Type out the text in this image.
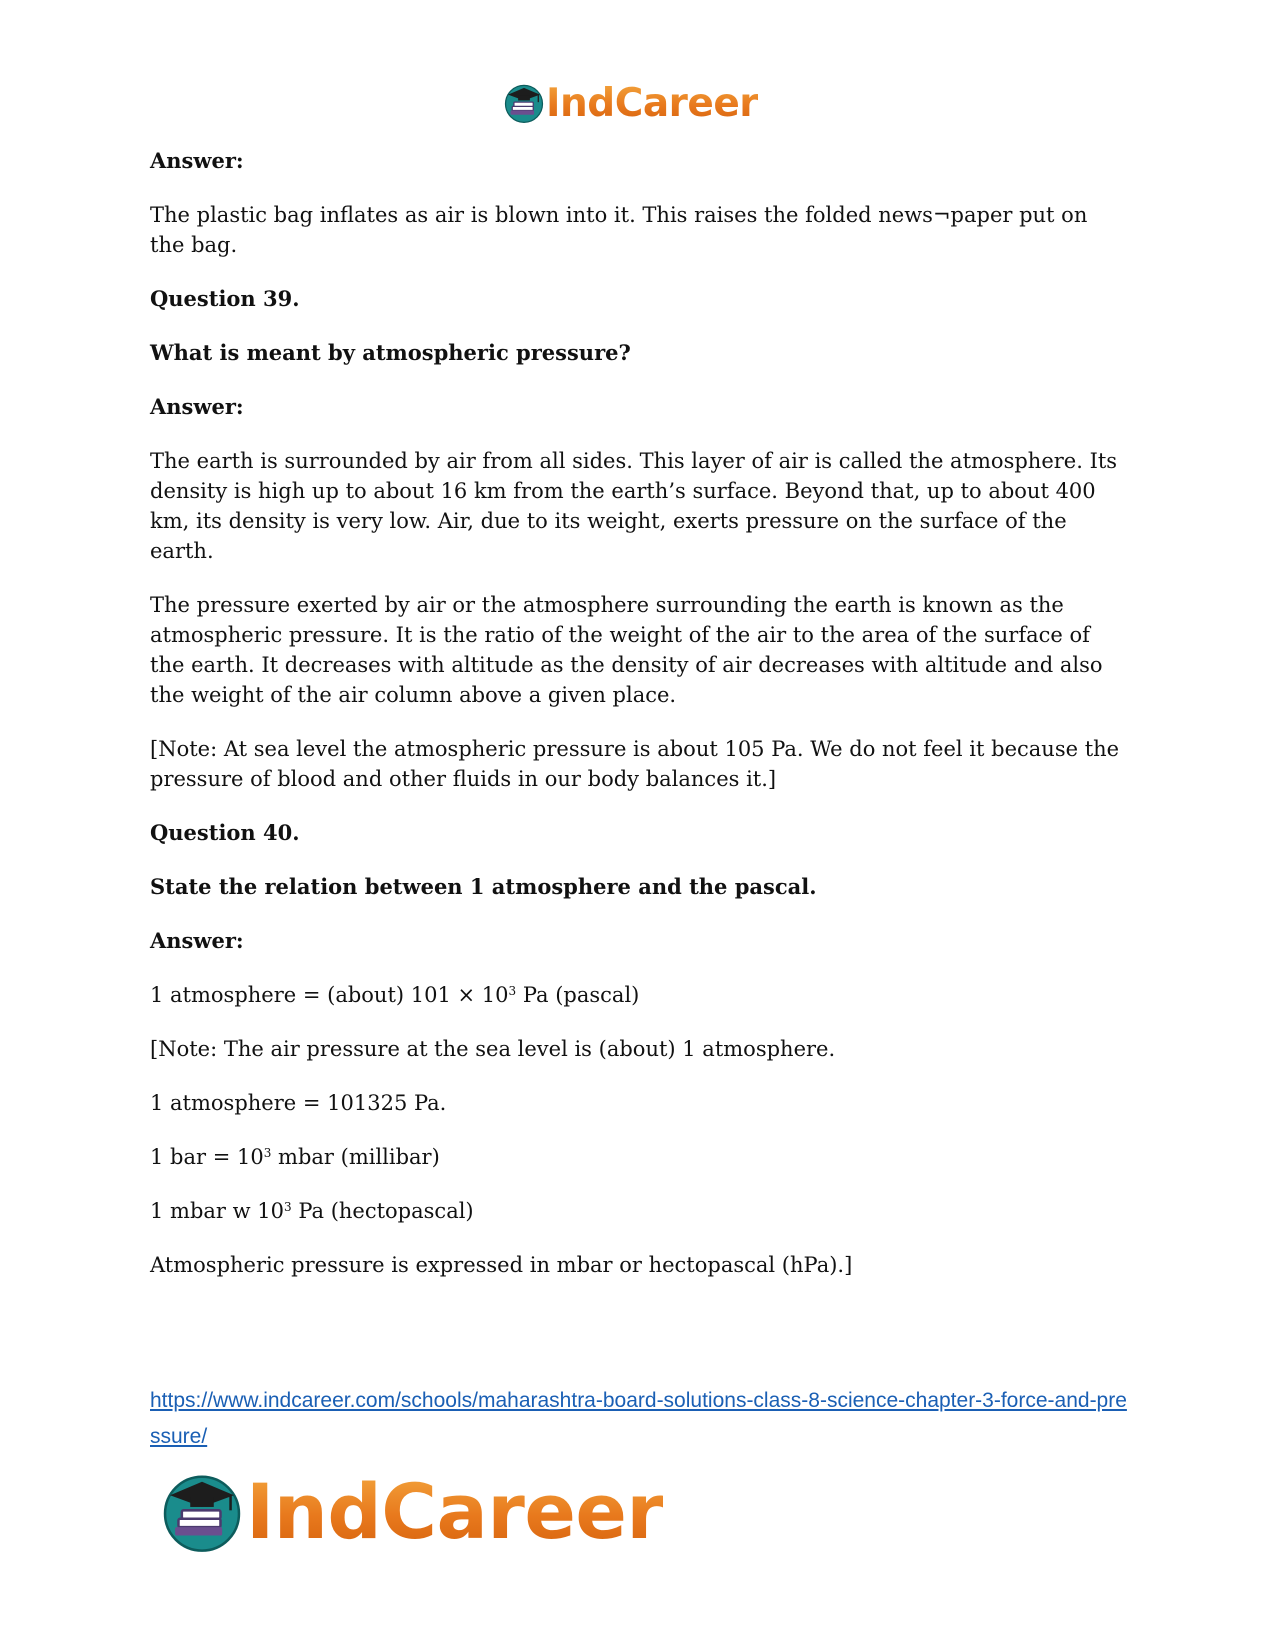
IndCareer

Answer:

The plastic bag inflates as air is blown into it. This raises the folded news¬paper put on the bag.

Question 39.

What is meant by atmospheric pressure?

Answer:

The earth is surrounded by air from all sides. This layer of air is called the atmosphere. Its density is high up to about 16 km from the earth’s surface. Beyond that, up to about 400 km, its density is very low. Air, due to its weight, exerts pressure on the surface of the earth.

The pressure exerted by air or the atmosphere surrounding the earth is known as the atmospheric pressure. It is the ratio of the weight of the air to the area of the surface of the earth. It decreases with altitude as the density of air decreases with altitude and also the weight of the air column above a given place.

[Note: At sea level the atmospheric pressure is about 105 Pa. We do not feel it because the pressure of blood and other fluids in our body balances it.]

Question 40.

State the relation between 1 atmosphere and the pascal.

Answer:

1 atmosphere = (about) $101 \times 10^3$ Pa (pascal)

[Note: The air pressure at the sea level is (about) 1 atmosphere.

1 atmosphere = 101325 Pa.

1 bar = $10^3$ mbar (millibar)

1 mbar w $10^3$ Pa (hectopascal)

Atmospheric pressure is expressed in mbar or hectopascal (hPa).]

https://www.indcareer.com/schools/maharashtra-board-solutions-class-8-science-chapter-3-force-and-pressure/
IndCareer
